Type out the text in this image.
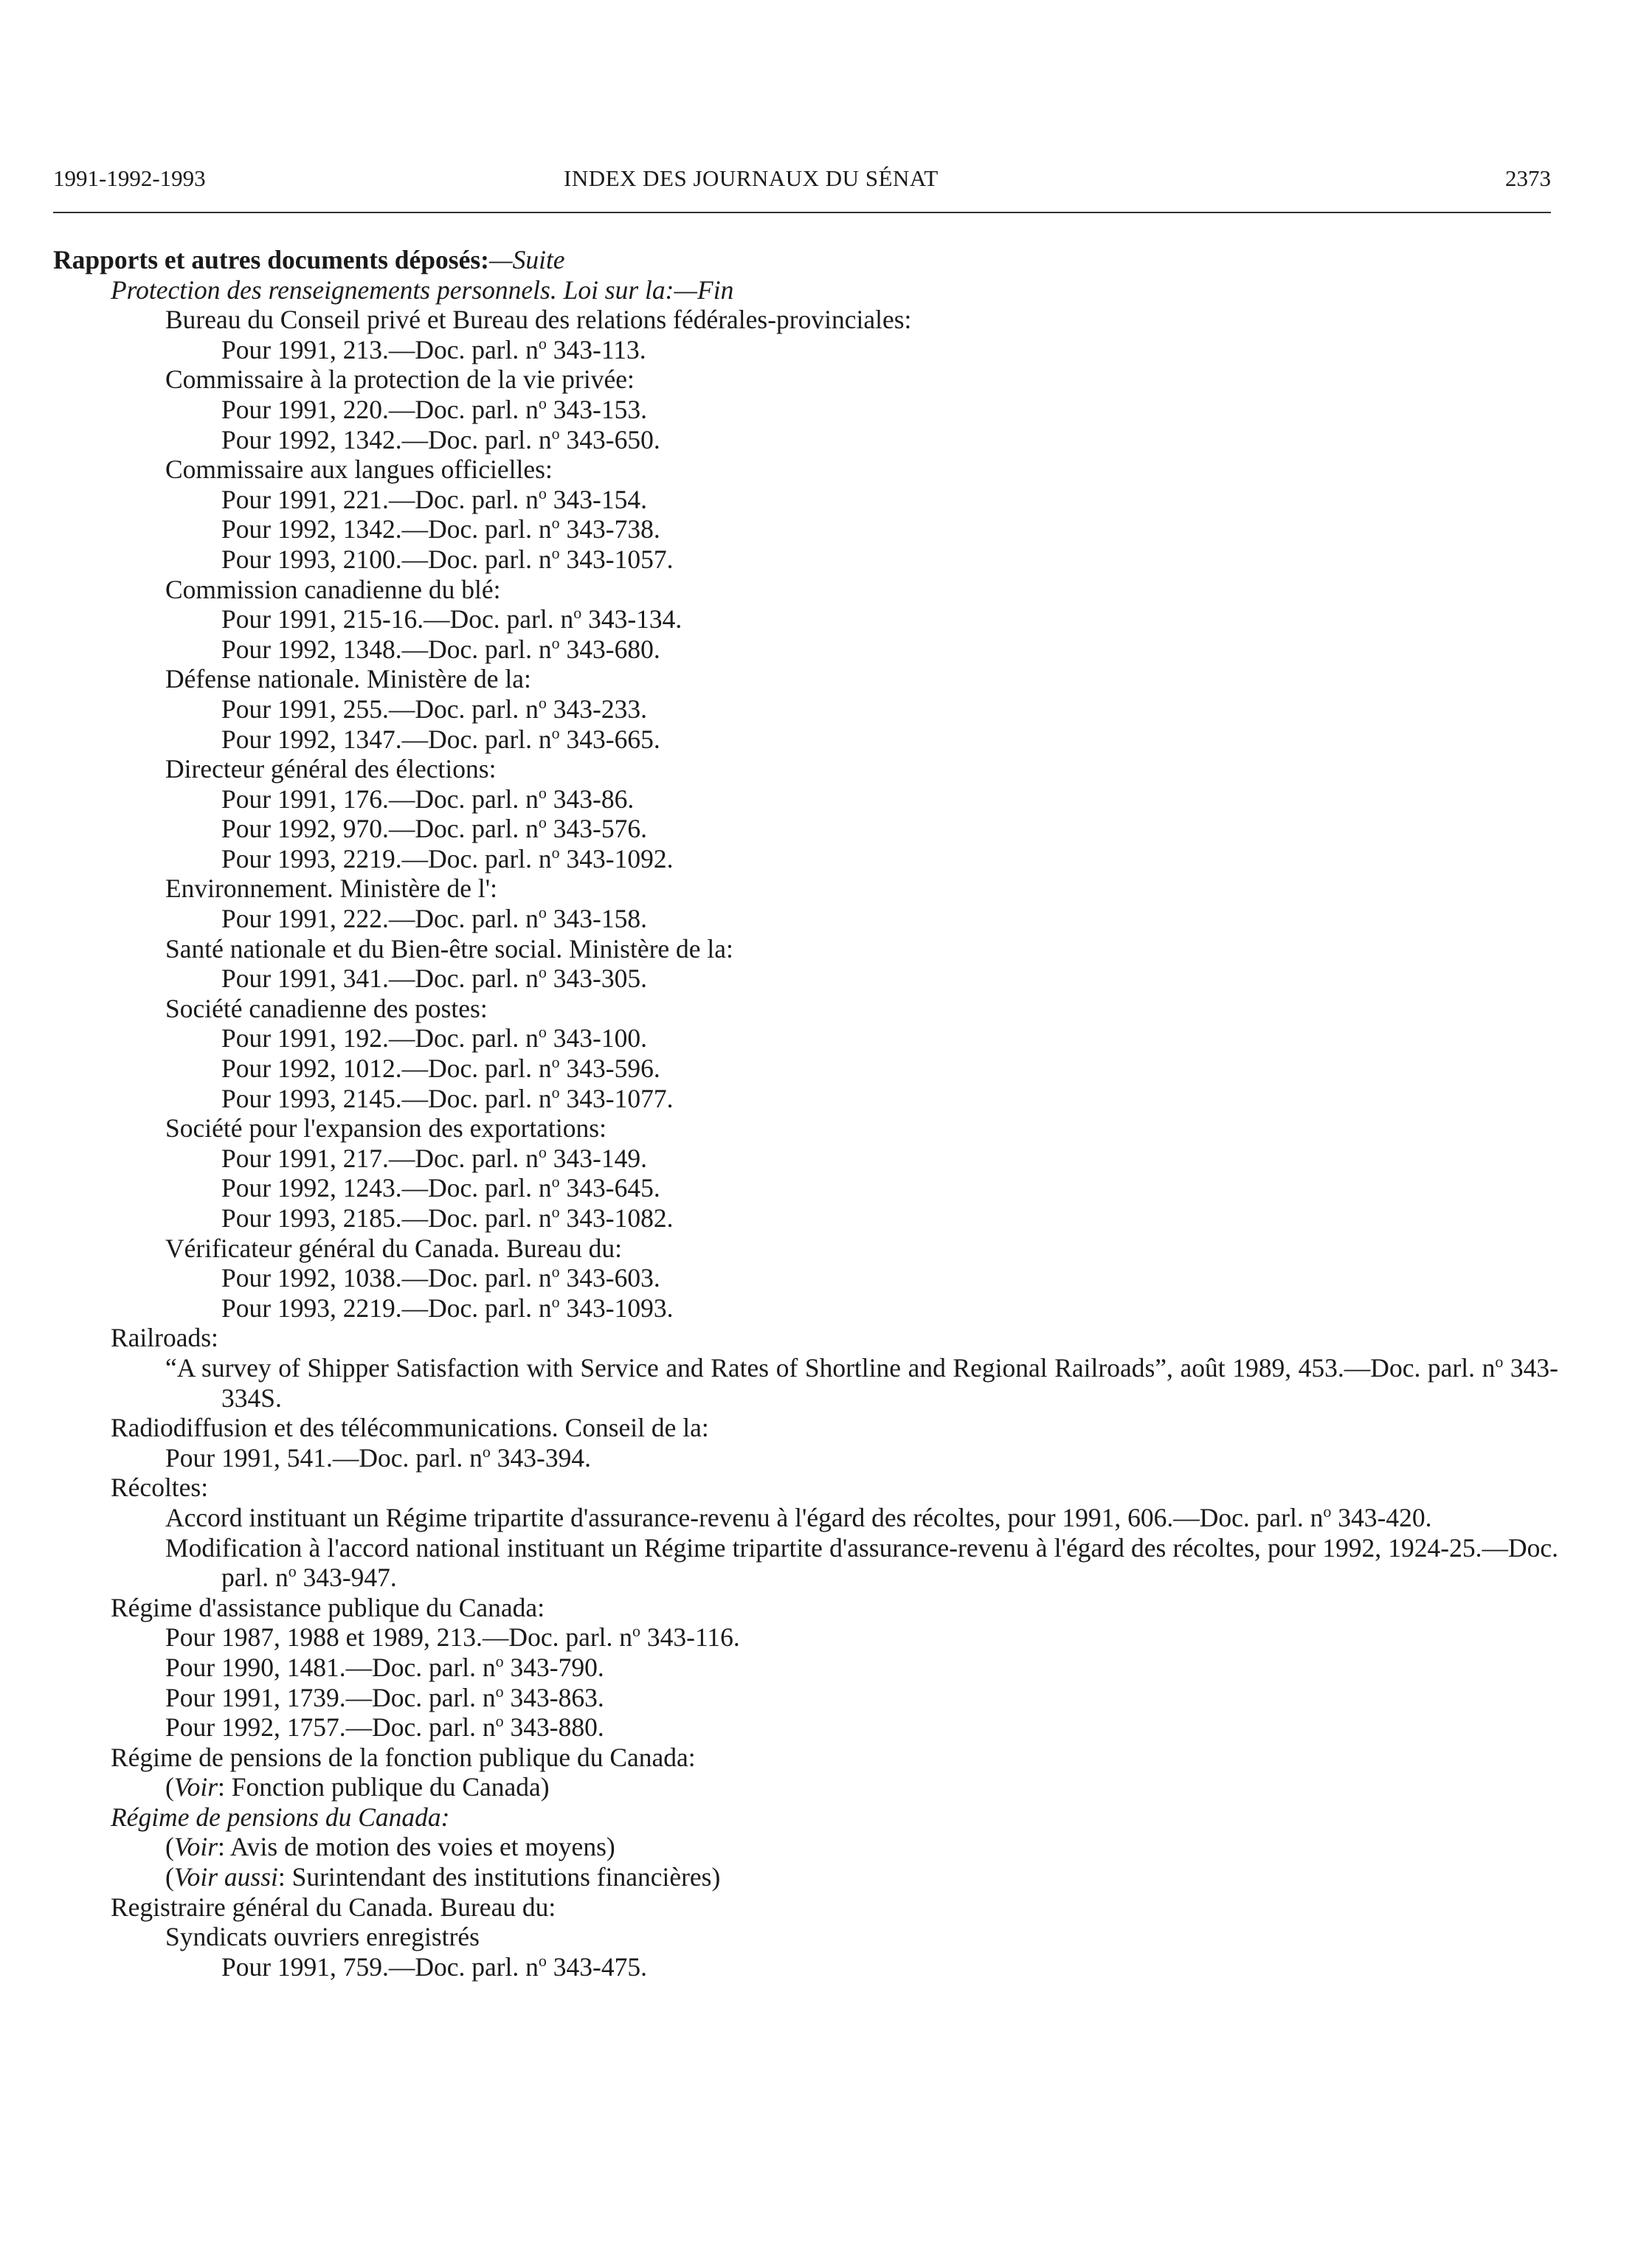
1991-1992-1993	INDEX DES JOURNAUX DU SÉNAT	2373
Rapports et autres documents déposés:—Suite
Protection des renseignements personnels. Loi sur la:—Fin
Bureau du Conseil privé et Bureau des relations fédérales-provinciales:
Pour 1991, 213.—Doc. parl. $n^o$ 343-113.
Commissaire à la protection de la vie privée:
Pour 1991, 220.—Doc. parl. $n^o$ 343-153.
Pour 1992, 1342.—Doc. parl. $n^o$ 343-650.
Commissaire aux langues officielles:
Pour 1991, 221.—Doc. parl. $n^o$ 343-154.
Pour 1992, 1342.—Doc. parl. $n^o$ 343-738.
Pour 1993, 2100.—Doc. parl. $n^o$ 343-1057.
Commission canadienne du blé:
Pour 1991, 215-16.—Doc. parl. $n^o$ 343-134.
Pour 1992, 1348.—Doc. parl. $n^o$ 343-680.
Défense nationale. Ministère de la:
Pour 1991, 255.—Doc. parl. $n^o$ 343-233.
Pour 1992, 1347.—Doc. parl. $n^o$ 343-665.
Directeur général des élections:
Pour 1991, 176.—Doc. parl. $n^o$ 343-86.
Pour 1992, 970.—Doc. parl. $n^o$ 343-576.
Pour 1993, 2219.—Doc. parl. $n^o$ 343-1092.
Environnement. Ministère de l':
Pour 1991, 222.—Doc. parl. $n^o$ 343-158.
Santé nationale et du Bien-être social. Ministère de la:
Pour 1991, 341.—Doc. parl. $n^o$ 343-305.
Société canadienne des postes:
Pour 1991, 192.—Doc. parl. $n^o$ 343-100.
Pour 1992, 1012.—Doc. parl. $n^o$ 343-596.
Pour 1993, 2145.—Doc. parl. $n^o$ 343-1077.
Société pour l'expansion des exportations:
Pour 1991, 217.—Doc. parl. $n^o$ 343-149.
Pour 1992, 1243.—Doc. parl. $n^o$ 343-645.
Pour 1993, 2185.—Doc. parl. $n^o$ 343-1082.
Vérificateur général du Canada. Bureau du:
Pour 1992, 1038.—Doc. parl. $n^o$ 343-603.
Pour 1993, 2219.—Doc. parl. $n^o$ 343-1093.
Railroads:
“A survey of Shipper Satisfaction with Service and Rates of Shortline and Regional Railroads”, août 1989, 453.—Doc. parl. $n^o$ 343-334S.
Radiodiffusion et des télécommunications. Conseil de la:
Pour 1991, 541.—Doc. parl. $n^o$ 343-394.
Récoltes:
Accord instituant un Régime tripartite d'assurance-revenu à l'égard des récoltes, pour 1991, 606.—Doc. parl. $n^o$ 343-420.
Modification à l'accord national instituant un Régime tripartite d'assurance-revenu à l'égard des récoltes, pour 1992, 1924-25.—Doc. parl. $n^o$ 343-947.
Régime d'assistance publique du Canada:
Pour 1987, 1988 et 1989, 213.—Doc. parl. $n^o$ 343-116.
Pour 1990, 1481.—Doc. parl. $n^o$ 343-790.
Pour 1991, 1739.—Doc. parl. $n^o$ 343-863.
Pour 1992, 1757.—Doc. parl. $n^o$ 343-880.
Régime de pensions de la fonction publique du Canada:
(Voir: Fonction publique du Canada)
Régime de pensions du Canada:
(Voir: Avis de motion des voies et moyens)
(Voir aussi: Surintendant des institutions financières)
Registraire général du Canada. Bureau du:
Syndicats ouvriers enregistrés
Pour 1991, 759.—Doc. parl. $n^o$ 343-475.
